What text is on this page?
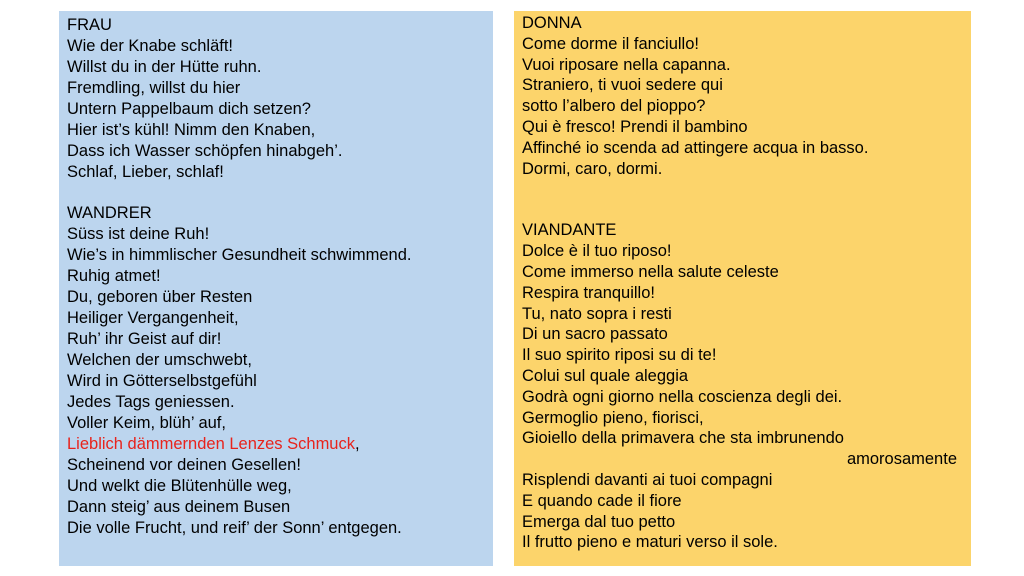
FRAU
Wie der Knabe schläft!
Willst du in der Hütte ruhn.
Fremdling, willst du hier
Untern Pappelbaum dich setzen?
Hier ist’s kühl! Nimm den Knaben,
Dass ich Wasser schöpfen hinabgeh’.
Schlaf, Lieber, schlaf!
WANDRER
Süss ist deine Ruh!
Wie’s in himmlischer Gesundheit schwimmend.
Ruhig atmet!
Du, geboren über Resten
Heiliger Vergangenheit,
Ruh’ ihr Geist auf dir!
Welchen der umschwebt,
Wird in Götterselbstgefühl
Jedes Tags geniessen.
Voller Keim, blüh’ auf,
Lieblich dämmernden Lenzes Schmuck,
Scheinend vor deinen Gesellen!
Und welkt die Blütenhülle weg,
Dann steig’ aus deinem Busen
Die volle Frucht, und reif’ der Sonn’ entgegen.
DONNA
Come dorme il fanciullo!
Vuoi riposare nella capanna.
Straniero, ti vuoi sedere qui
sotto l’albero del pioppo?
Qui è fresco! Prendi il bambino
Affinché io scenda ad attingere acqua in basso.
Dormi, caro, dormi.
VIANDANTE
Dolce è il tuo riposo!
Come immerso nella salute celeste
Respira tranquillo!
Tu, nato sopra i resti
Di un sacro passato
Il suo spirito riposi su di te!
Colui sul quale aleggia
Godrà ogni giorno nella coscienza degli dei.
Germoglio pieno, fiorisci,
Gioiello della primavera che sta imbrunendo
amorosamente
Risplendi davanti ai tuoi compagni
E quando cade il fiore
Emerga dal tuo petto
Il frutto pieno e maturi verso il sole.
